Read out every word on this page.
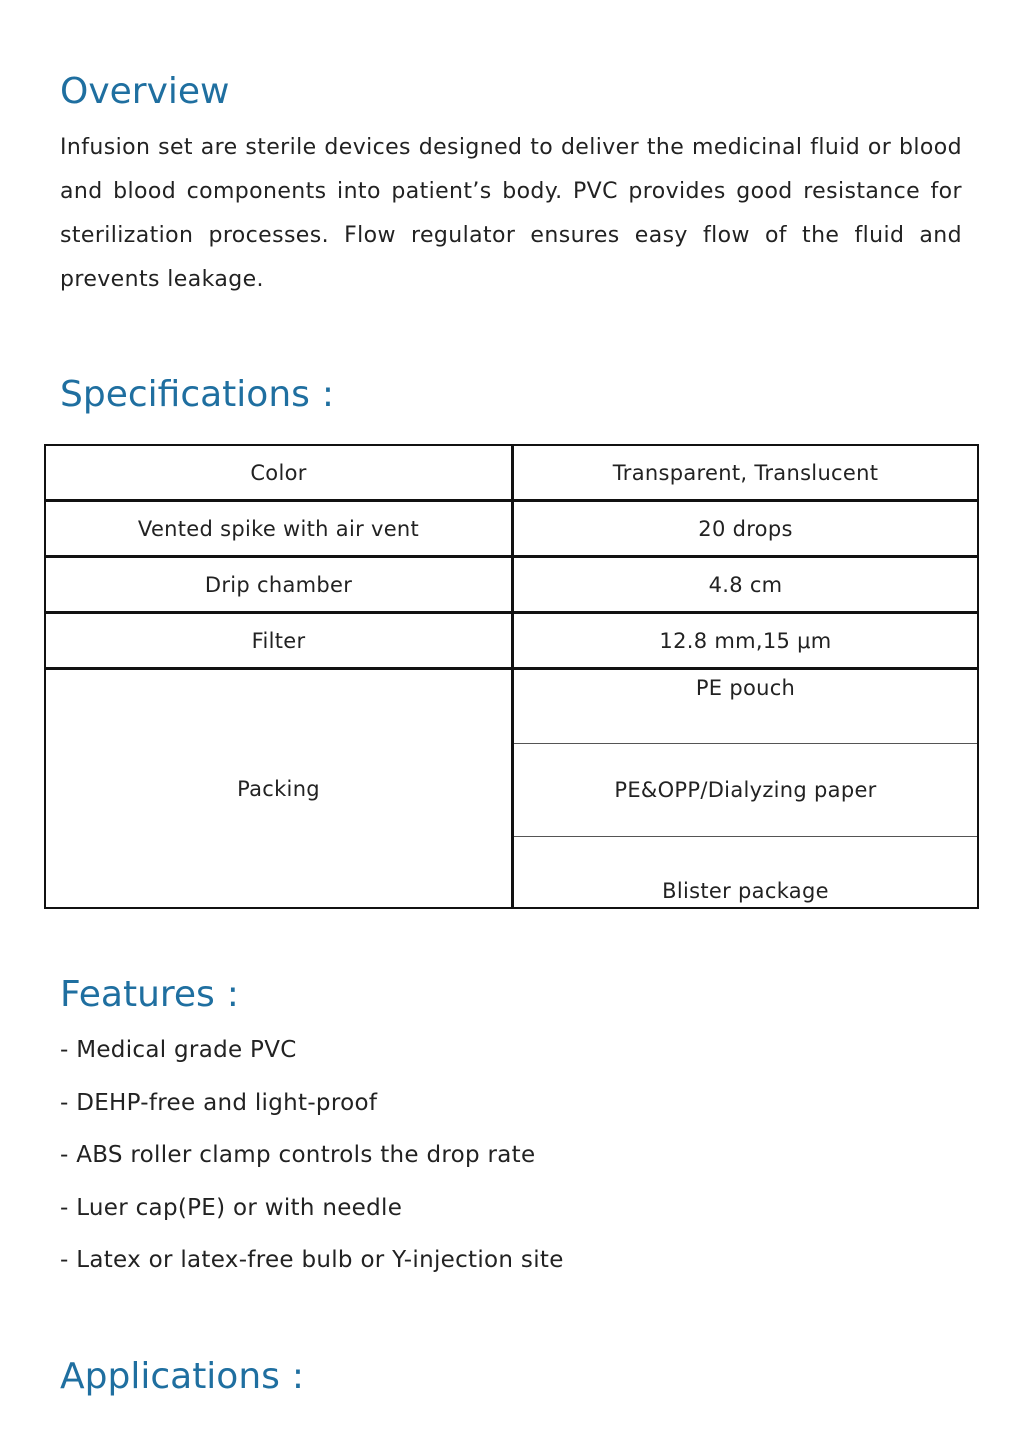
Overview

Infusion set are sterile devices designed to deliver the medicinal fluid or blood and blood components into patient’s body. PVC provides good resistance for sterilization processes. Flow regulator ensures easy flow of the fluid and prevents leakage.

Specifications :
Color	Transparent, Translucent
Vented spike with air vent	20 drops
Drip chamber	4.8 cm
Filter	12.8 mm,15 μm
Packing	PE pouch
	PE&OPP/Dialyzing paper
	Blister package
Features :
- Medical grade PVC
- DEHP-free and light-proof
- ABS roller clamp controls the drop rate
- Luer cap(PE) or with needle
- Latex or latex-free bulb or Y-injection site
Applications :
